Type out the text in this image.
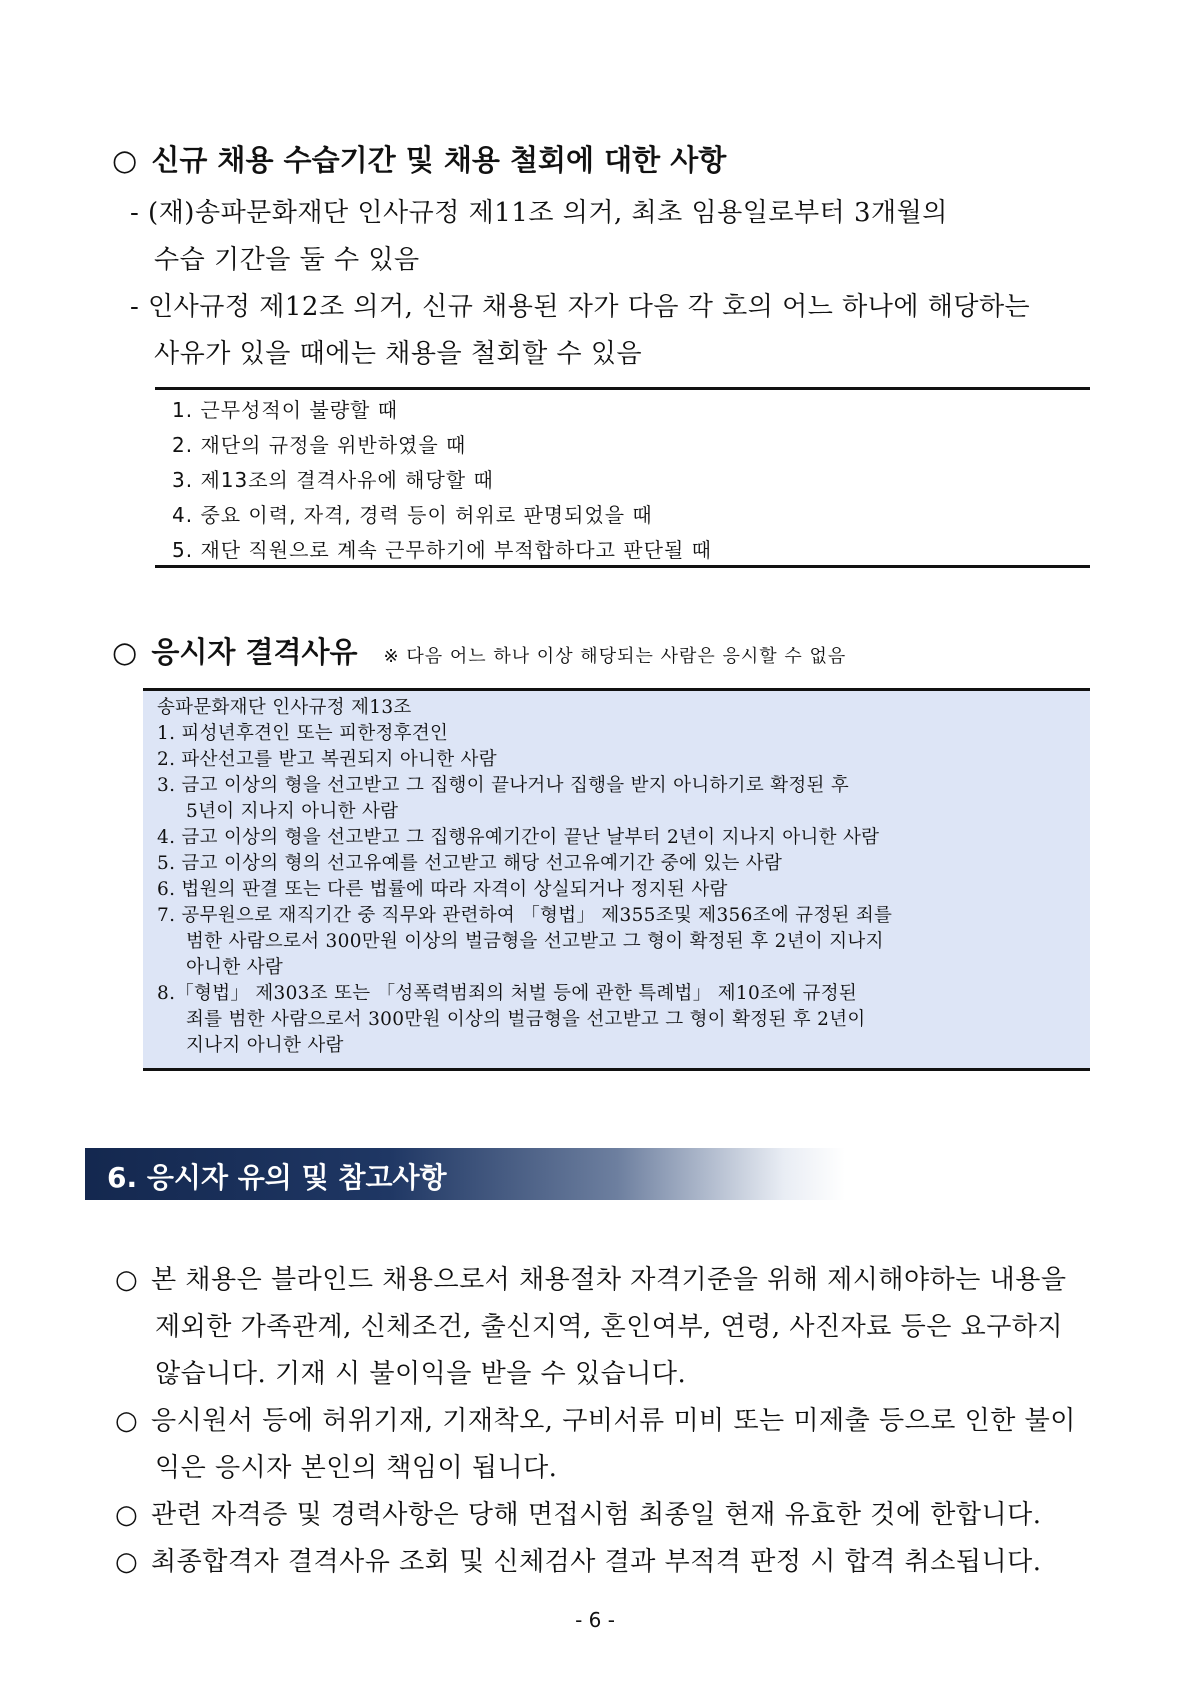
○ 신규 채용 수습기간 및 채용 철회에 대한 사항
- (재)송파문화재단 인사규정 제11조 의거, 최초 임용일로부터 3개월의
수습 기간을 둘 수 있음
- 인사규정 제12조 의거, 신규 채용된 자가 다음 각 호의 어느 하나에 해당하는
사유가 있을 때에는 채용을 철회할 수 있음
1. 근무성적이 불량할 때
2. 재단의 규정을 위반하였을 때
3. 제13조의 결격사유에 해당할 때
4. 중요 이력, 자격, 경력 등이 허위로 판명되었을 때
5. 재단 직원으로 계속 근무하기에 부적합하다고 판단될 때
○ 응시자 결격사유 ※ 다음 어느 하나 이상 해당되는 사람은 응시할 수 없음
송파문화재단 인사규정 제13조
1. 피성년후견인 또는 피한정후견인
2. 파산선고를 받고 복권되지 아니한 사람
3. 금고 이상의 형을 선고받고 그 집행이 끝나거나 집행을 받지 아니하기로 확정된 후
5년이 지나지 아니한 사람
4. 금고 이상의 형을 선고받고 그 집행유예기간이 끝난 날부터 2년이 지나지 아니한 사람
5. 금고 이상의 형의 선고유예를 선고받고 해당 선고유예기간 중에 있는 사람
6. 법원의 판결 또는 다른 법률에 따라 자격이 상실되거나 정지된 사람
7. 공무원으로 재직기간 중 직무와 관련하여 「형법」 제355조및 제356조에 규정된 죄를
범한 사람으로서 300만원 이상의 벌금형을 선고받고 그 형이 확정된 후 2년이 지나지
아니한 사람
8.「형법」 제303조 또는 「성폭력범죄의 처벌 등에 관한 특례법」 제10조에 규정된
죄를 범한 사람으로서 300만원 이상의 벌금형을 선고받고 그 형이 확정된 후 2년이
지나지 아니한 사람
6. 응시자 유의 및 참고사항
○ 본 채용은 블라인드 채용으로서 채용절차 자격기준을 위해 제시해야하는 내용을
제외한 가족관계, 신체조건, 출신지역, 혼인여부, 연령, 사진자료 등은 요구하지
않습니다. 기재 시 불이익을 받을 수 있습니다.
○ 응시원서 등에 허위기재, 기재착오, 구비서류 미비 또는 미제출 등으로 인한 불이
익은 응시자 본인의 책임이 됩니다.
○ 관련 자격증 및 경력사항은 당해 면접시험 최종일 현재 유효한 것에 한합니다.
○ 최종합격자 결격사유 조회 및 신체검사 결과 부적격 판정 시 합격 취소됩니다.
- 6 -
